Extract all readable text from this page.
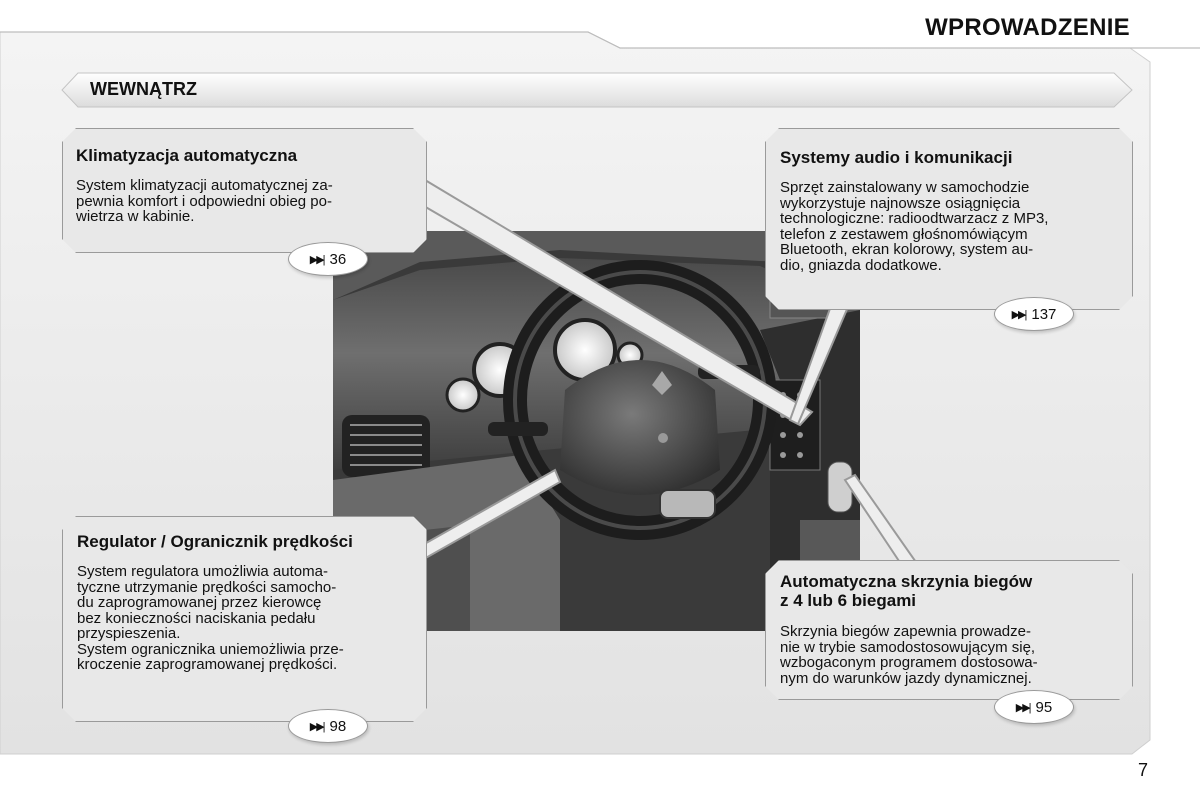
WPROWADZENIE
WEWNĄTRZ
Klimatyzacja automatyczna
System klimatyzacji automatycznej za-
pewnia komfort i odpowiedni obieg po-
wietrza w kabinie.
▶▶| 36
Systemy audio i komunikacji
Sprzęt zainstalowany w samochodzie
wykorzystuje najnowsze osiągnięcia
technologiczne: radioodtwarzacz z MP3,
telefon z zestawem głośnomówiącym
Bluetooth, ekran kolorowy, system au-
dio, gniazda dodatkowe.
▶▶| 137
Regulator / Ogranicznik prędkości
System regulatora umożliwia automa-
tyczne utrzymanie prędkości samocho-
du zaprogramowanej przez kierowcę
bez konieczności naciskania pedału
przyspieszenia.
System ogranicznika uniemożliwia prze-
kroczenie zaprogramowanej prędkości.
▶▶| 98
Automatyczna skrzynia biegów
z 4 lub 6 biegami
Skrzynia biegów zapewnia prowadze-
nie w trybie samodostosowującym się,
wzbogaconym programem dostosowa-
nym do warunków jazdy dynamicznej.
▶▶| 95
7
